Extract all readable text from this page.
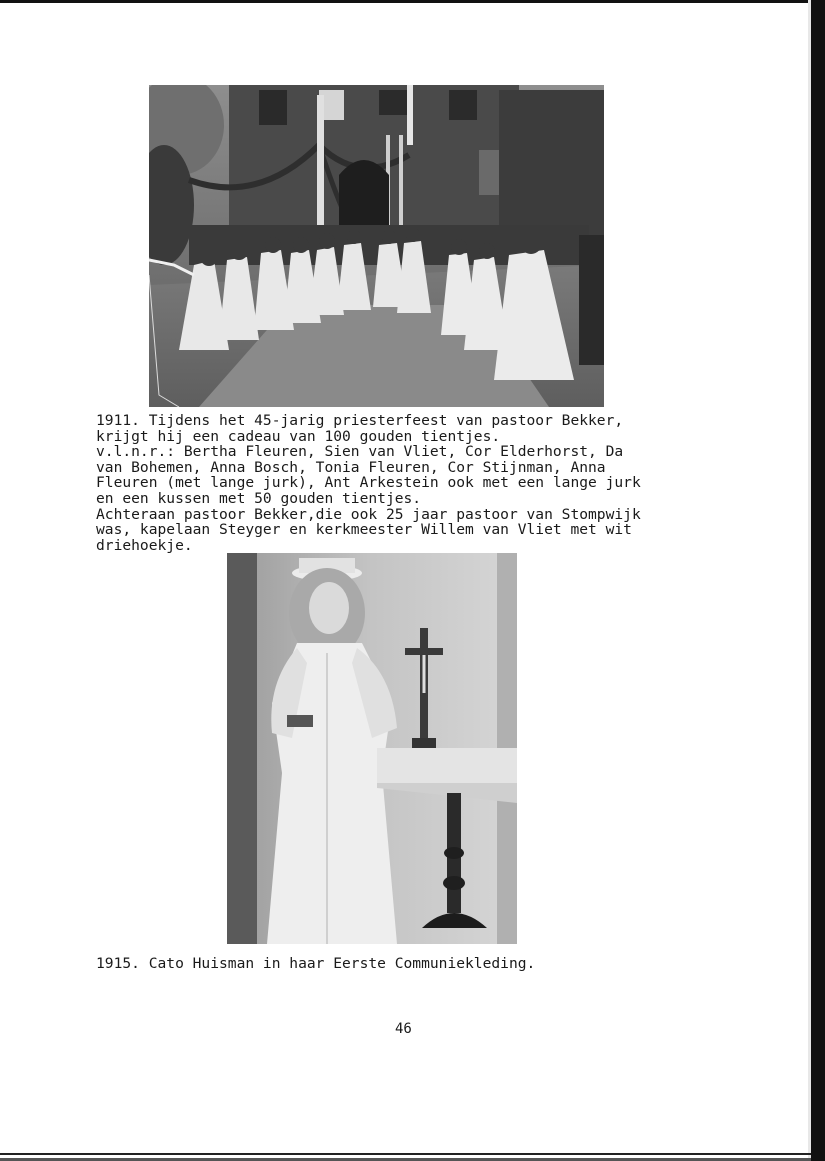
1911. Tijdens het 45-jarig priesterfeest van pastoor Bekker,

krijgt hij een cadeau van 100 gouden tientjes.

v.l.n.r.: Bertha Fleuren, Sien van Vliet, Cor Elderhorst, Da

van Bohemen, Anna Bosch, Tonia Fleuren, Cor Stijnman, Anna

Fleuren (met lange jurk), Ant Arkestein ook met een lange jurk

en een kussen met 50 gouden tientjes.

Achteraan pastoor Bekker,die ook 25 jaar pastoor van Stompwijk

was, kapelaan Steyger en kerkmeester Willem van Vliet met wit

driehoekje.

1915. Cato Huisman in haar Eerste Communiekleding.

46
